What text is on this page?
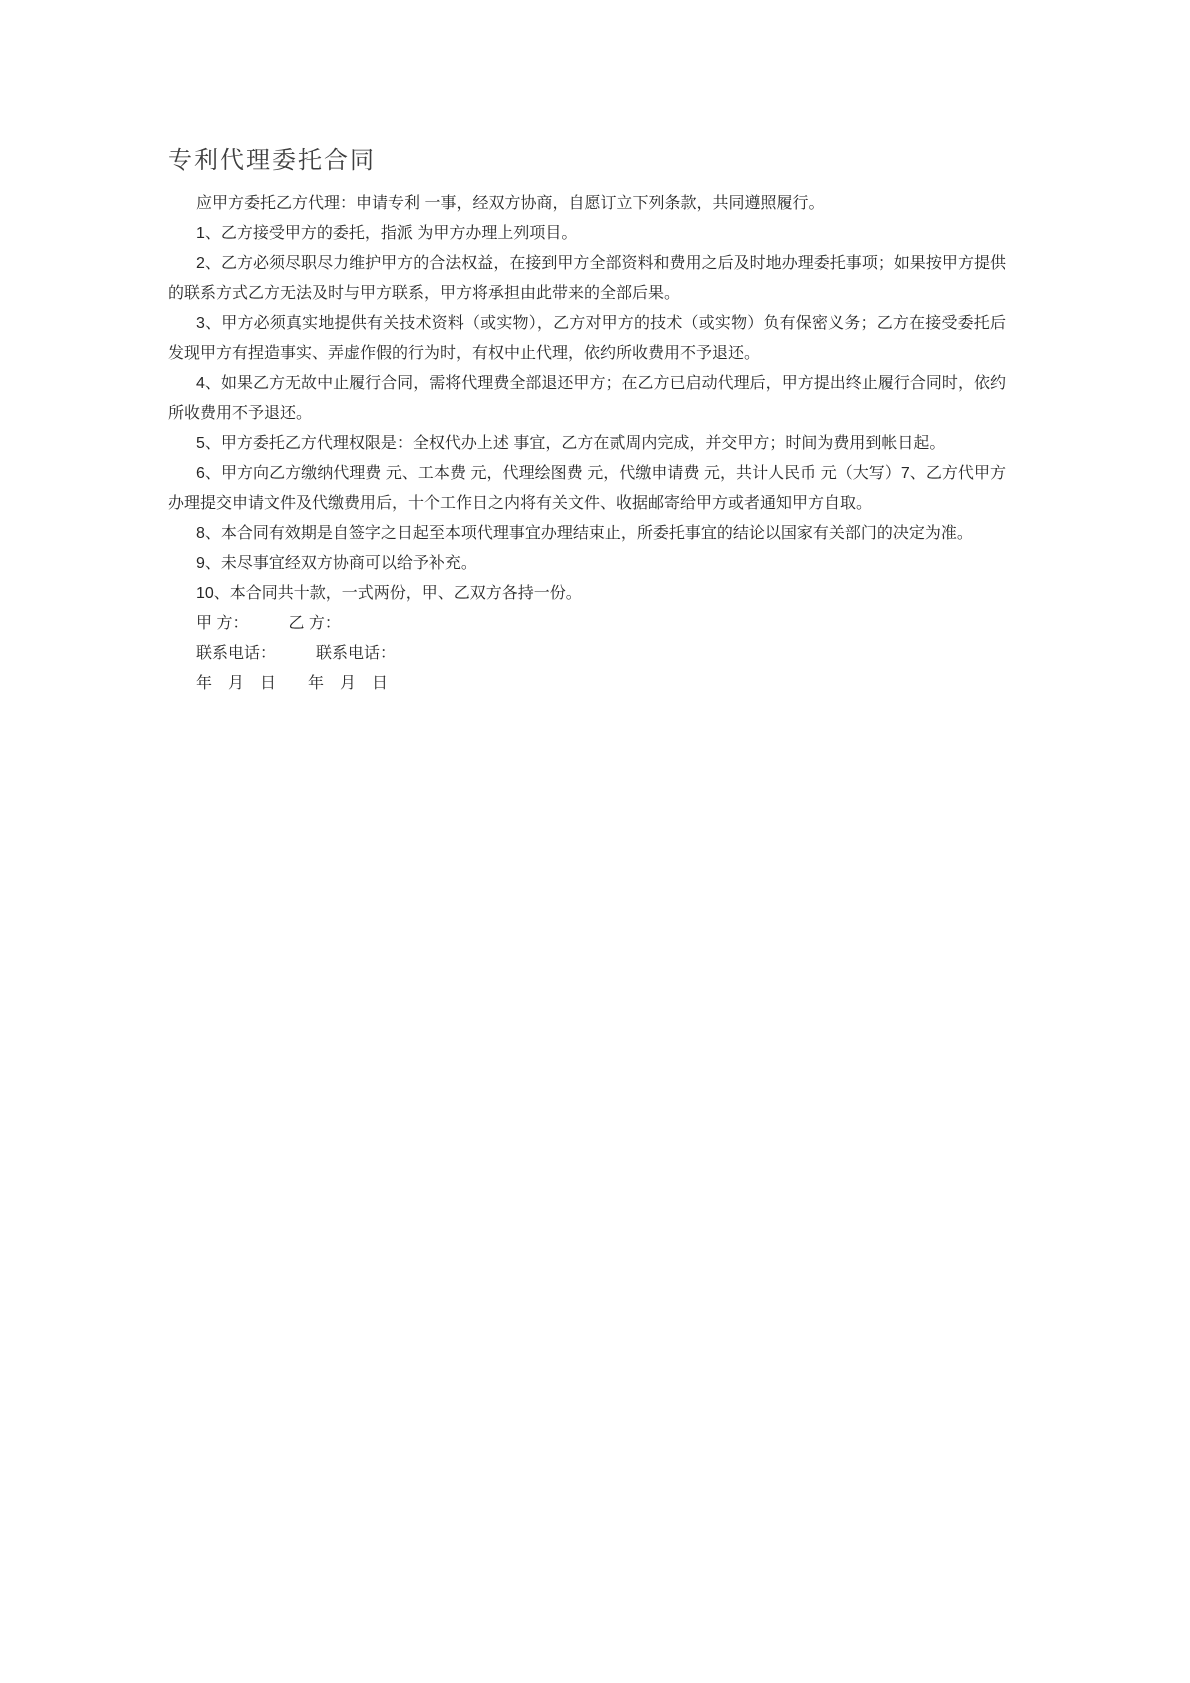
专利代理委托合同

应甲方委托乙方代理：申请专利 一事，经双方协商，自愿订立下列条款，共同遵照履行。

1、乙方接受甲方的委托，指派 为甲方办理上列项目。

2、乙方必须尽职尽力维护甲方的合法权益，在接到甲方全部资料和费用之后及时地办理委托事项；如果按甲方提供的联系方式乙方无法及时与甲方联系，甲方将承担由此带来的全部后果。

3、甲方必须真实地提供有关技术资料（或实物），乙方对甲方的技术（或实物）负有保密义务；乙方在接受委托后发现甲方有捏造事实、弄虚作假的行为时，有权中止代理，依约所收费用不予退还。

4、如果乙方无故中止履行合同，需将代理费全部退还甲方；在乙方已启动代理后，甲方提出终止履行合同时，依约所收费用不予退还。

5、甲方委托乙方代理权限是：全权代办上述 事宜，乙方在贰周内完成，并交甲方；时间为费用到帐日起。

6、甲方向乙方缴纳代理费 元、工本费 元，代理绘图费 元，代缴申请费 元，共计人民币 元（大写）7、乙方代甲方办理提交申请文件及代缴费用后，十个工作日之内将有关文件、收据邮寄给甲方或者通知甲方自取。

8、本合同有效期是自签字之日起至本项代理事宜办理结束止，所委托事宜的结论以国家有关部门的决定为准。

9、未尽事宜经双方协商可以给予补充。

10、本合同共十款，一式两份，甲、乙双方各持一份。

甲 方：　　　乙 方：

联系电话：　　　联系电话：

年　月　日　　年　月　日
